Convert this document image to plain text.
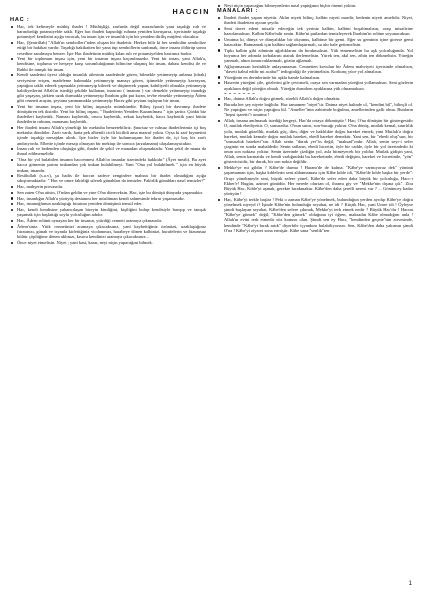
HACCIN
HAC :
Hac, tek kelimeyle müthiş ibadet ! Müthişliği, zarfında değil mazrufunda yani taşıdığı ruh ve barındırdığı potansiyelde saklı. Eğer hac ibadeti kapsıdığı ruhuna yeniden kavuşursa, içerisinde taşıdığı potansiyel kendisini açığa vuracak, bu insan için ve insanlık için bir yeniden diriliş müjdesi olacaktır.
Hac, (Şeairillah) "Allah'ın sembolleri"nden oluşan bir ibadettir. Herkes bilir ki her sembolün sembolize ettiği bir hakikat vardır. Taşıdığı hakikatten bir yana tüp sembollerin sanlımak, önce insanı öldürüp sonra cesedine sanılmaya benzer. İşte Hac ibadetinin müthiş kılan ruh ve potansiyelden kastımız budur.
Yeni bir toplumun inşası için, yeni bir insanın inşası kaçınılmazdır. Yeni bir insan, yani Allah'a, kendisine, topluma ve herşeye karşı sorumluluğunun bilincine ulaşmış bir insan, dahası kendisi ile ve Rabbi ile tanışık bir insan.
Kendi saadetini üyesi olduğu insanlık ailesinin saadetinde gören, bilmekle yetinmeyip anlama (idrak) seviyesine erişen, madeleme bakmakla yetinmeyip manayı gören, işitmekle yetinmeyip kavrayan, yaptığını taklit ederek yapmakla yetinmeyip bilerek ve düşünerek yapan, kabiliyetli olmakla yetinmeyip kabiliyetlerini Allah'ın istediği şekilde kullanan, inancını ( imanını ) var demekle yetinmeyip inandığı gibi yaşayan, şirkten uzak durmakla yetinmeyip İbrahim gibi put kıran, tevbe etmekle yetinmeyip Âdem gibi cennetí arayan, şeytana yanmamakla yetinmeyip Hacer gibi şeytanı taşlayan bir insan.
Yeni bir insanın inşası, yeni bir bilinç inşasıyla mümkündür. Bilinç (şuur) bir davranışı ibadete dönüştüren tek iksirdir. Yeni bir bilinç inşası, " İbadetlerin Yeniden Kazanılması " için şarttır. Çünkü biz ibadetleri kaybettik. Namazı kaybettik, orucu kaybettik, zekatı kaybettik, haccı kaybettik yani bütün ibadetlerin ruhunu, manasını kaybettik.
Her ibadeti insanı Allah'a yöneltiği bir mektuba benzetebiliriz. Şuursuz ve ruhsuz ibadetlerimiz içi boş mektuba döndüler. Zarfı vardı, hatta pek albenili cicili bicilidi ama mazruf yoktu. Oysa ki zarf kıymetini içinde taşıdığı mesajdan alırdı. İşte bizler öyle bir bulunmuşum bir ibadet de, içi boş bir zarfı andırıyordu. Elbette içinde mesajı olmayan bir mektup ile sonuca (arzulanana) ulaşılamayacaktır.
İnsan ruh ve bedenden oluştuğu gibi, ibadet de şekil ve manadan oluşmaktadır. Yani şekil de mana da ihmal edilmemelidir.
"Ona bir yol bulabilen insanın haccetmesi Allah'ın insanlar üzerindeki hakkıdır" (Âyet meali). Bu ayet hacca gitmenin şartını imkandan çok imkan bulabilmeyi. Yani "Ona yol bulabilmek " için en büyük imkan, imandır.
Resûlullah (s.a.v), şu hadis ile haccın sadece zenginlere mahsus bir ibadet olmadığını açığa sıkıştırmaktadır: " Hac ve umre fakirliği silerek günahları da temizler. Fakirlik günahları nasıl temizler?"
Hac, mahşerin provasıdır.
Sen zaten O'na aitsin, O'ndan geldin ve yine O'na döneceksin. Hac, işte bu dönüşü dünyada yaşamaktır.
Hac, insanlığın Allah'a yürüyüş destanını her müslüman kendi sahnesinde tekrar yaşamasıdır.
Hac, insanoğlunun uzaklaştığı fıtratına yeniden dönüşünü temsil eder.
Hac, kendi kendisine yabancılaşan bireyin kimliğini, kişiliğini bulup kendisiyle barışıp ve tanışık yaşamak için başlattığı soylu yolculuğun adıdır.
Hac, Âdem rolünü oynayan her bir insanın, yitirdiği cenneti aramaya çıkmasıdır.
Âdem'siniz. Yitik cennetinizi aramaya çıkacaksınız, yani kaybettiğiniz özünüzü, uzaklaştığınız fıtratınızı, günah ve isyanla kirlettiğiniz vicdanınızı, harabeye dönen kalbinizi, hurafelerin ve lüzumsuz kültür çöplüğüne dönen aklınızı, kısaca kendinizi aramaya çıkacaksınız...
Önce niyet etmelisin. Niyet ; yani kast, karar, neyi niçin yapacağını bilmek.
Neyi niçin yapacağını bilmeyenlerin nasıl yaptığının hiçbir önemi yoktur.
MANALARI :
İbadeti ibadet yapan niyettir. Aklın niyeti bilinç, kalbin niyeti mardir, bedenin niyeti amelidir. Niyet, ibadeti ibadetten ayıran şeydir.
Seni davet edeni misafir edeceğin tek yeriniz kalbin, kalbini boşaltmalısın, oraşı misafirine hazırlamalısın. Kalbin Kâbe'ndir senin. Kâbe'ni putlardan temizleyerek İbrahim'in rolüne soyunacaksın.
Unutma ki, dünya ve dünyalıklar bir okyanus, kalbinse bir gemi. Eğer su geminin içine girerse gemi batacaktır. Batmamak için kalbini sağlamlaştırmalı, su alır hale getirmelisin.
Tıpkı kalbin gibi zihninin ağırlıklarını da bırakmalısın. Yük etmemelisin bu aşk yolculuğunda. Yol boyunca her adımda torbalarını atarak ilerlemelisin. Yürek ten, akıl ten, zihin ten dökmelisin. Yüreğin yanmalı, alnın tomurcuklanmalı, gözün ağlamalı.
Ağlayamazsan kesinlikle anlayamazsın. Cennetten kovulan bir Âdem mahviyeti içerisinde olmalısın, "daveti kabul edilir mi acaba?" tedirginliği ile yürümelisin. Korkunç yüce yol almalısın.
Yüreğinin en derinlerinde bir aşkla hamle kalmalısın.
Hasretin yüreğini çile, gözlerini gile çevirmeli, oraya sen varmadan yüreğini yollamalısın. Seni gözlerin ayakların değil yüreğin olmalı. Yüreğin dururken ayaklarına yük olmamalısın.
= = = = = = =
Hac, daima Allah'a doğru gitmek, sürekli Allah'a doğru olmaktır.
Burada her şey niyete bağlıdır. Hac tamamen "niyet"tir. Daima niyet halinde ol, "kendini bil", bilinçli ol. Ne yaptığını ve niçin yaptığını bil. "Ameller"inin zahirinde boğulma, amellerinden gaflı olma. Bunların "hepsi işaretti"r unutma !
Allah, insana anılmasak istediği hergeyi, Hac'da ortaya dökmüştür ! Hac; O'na dönüşün bir göstergesidir O, mutlak ebediyettir. O, sonsuzdur. O'nun sınırı, sou-bucağı yoktur. O'na dönüş, mutlak kemal, sınırlılık yolu, mutlak güzellik, mutlak güç, ilim, diğer ve haklılıkte doğru hareket etmek; yani Mutlak'a doğru hareket, mutlak kemale doğru mutlak hareket, ebedî hareket demektir. Yani sen, bir "ebedi oluş"sun, bir "sonsuzluk hareketi"sin. Allah senin "durak yer"in değil, "maksad"ındır. Allah, senin seyr-i sefer çizginin en sonda mahaldedir. Senin safların, ebedi hicretin, öyle bir cadde, öyle bir yol üzerindedir ki onun son noktası yoktur. Senin üzerinde çizdiğin yol, asla bitmeyecek bir yoldur. Mutlak gidişin yani, Allah, senin karmatıkı ve kendi varlığındaki bu hareketinde, ebedi değişim, hareket ve hicretinde, "yön" göstericisidir, bir durak, bir son nokta değildir.
Mekke'ye mi gildin ? Kâbe'de durma ! Haram'de de kalma. "Kâbe'ye varmıyoruz dek" yönünü şaşırmaman için, başka kıblelerin seni aldatmaması için Kâbe kıble idi, "Kâbe'de kıble başka bir yerde". Orayı yöneltmeyle seni, büyük sefere yönel, Kâbe'de sefer eden daha büyük bir yolculuğa, Hacc-ı Ekber'e! Bugün, azimet günüdür. Her nerede olursan ol, ihramı giy ve "Mekke'nin dışına çık". Zira Büyük Hac, Kıble'yi aşmak, gerekte bırakmaktır. Kâbe'den daha şerefli neresi var ? ... Gönüncey kadar yürüyün !
Hac, Kâbe'yi terkle başlar ! Peki o zaman Kâbe'ye yönelmek, bulunduğun yerden ayrılıp Kâbe'ye doğru yönelmek niyeyd i? İşinde Kâbe'nin bulunduğu seyahat, ne idi ? Küçük Hac, yani Umre idi ! Öyleyse şimdi başlayan seyahat, Kâbe'den sefere çıkmak, Mekke'yi terk etmek nedir ? Büyük Hac'dır ! Hacım "Kâbe'ye gitmek" değil, "Kâbe'den gitmek" olduğunu iyi öğren, maksadın Kâbe olmadığını anla ! Allah'ın evini terk etmedir söz konusu olan. Şimdi sen ey Hacı, "kendinden geçme"nin zirvesinde, kendinde "Kâbe'yi bırak artık" diyerbile içyankını bulabiliyorsun. Sen, Kâbe'den daha yakınsın şimdi O'na ! Kâbe'yi ziyaret sona ermiştir. Kâbe sana "senlik"ten
1
